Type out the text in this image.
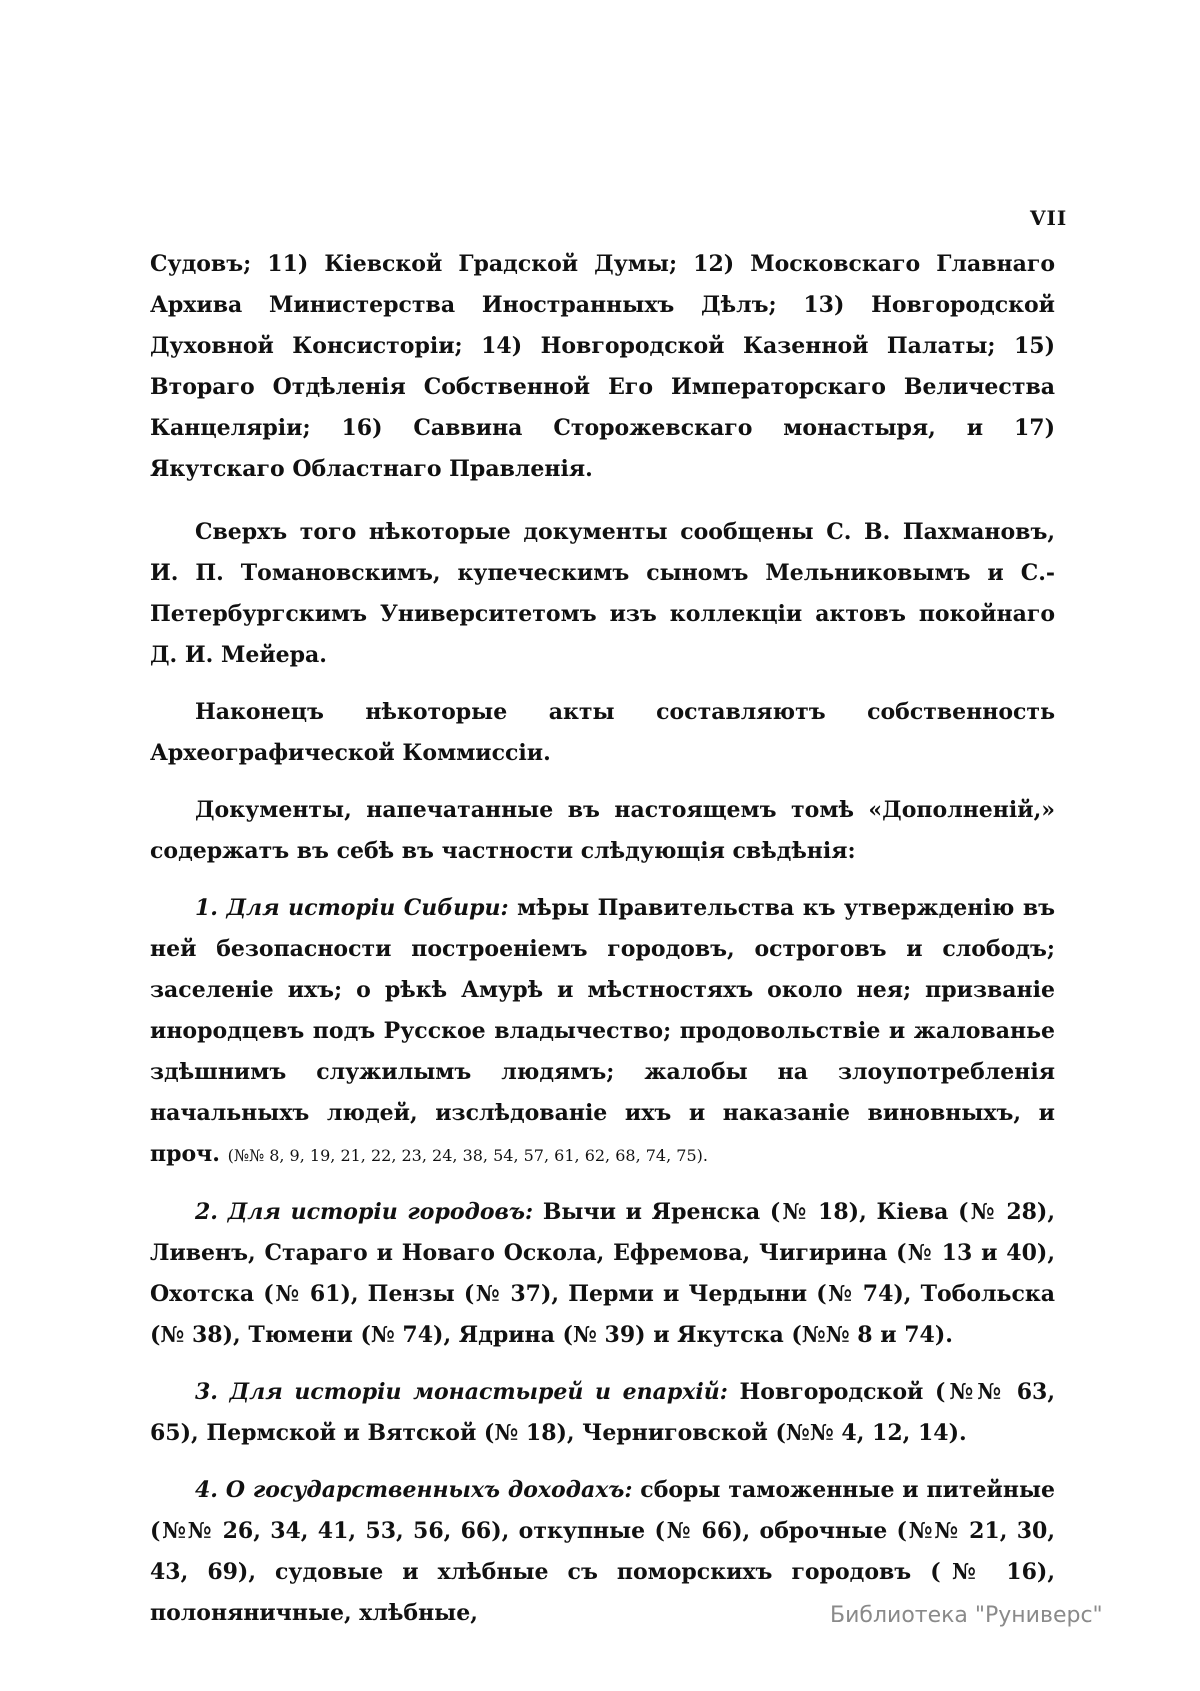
VII

Судовъ; 11) Кіевской Градской Думы; 12) Московскаго Главнаго Архива Министерства Иностранныхъ Дѣлъ; 13) Новгородской Духовной Консисторіи; 14) Новгородской Казенной Палаты; 15) Втораго Отдѣленія Собственной Его Императорскаго Величества Канцеляріи; 16) Саввина Сторожевскаго монастыря, и 17) Якутскаго Областнаго Правленія.

Сверхъ того нѣкоторые документы сообщены С. В. Пахмановъ, И. П. Томановскимъ, купеческимъ сыномъ Мельниковымъ и С.-Петербургскимъ Университетомъ изъ коллекціи актовъ покойнаго Д. И. Мейера.

Наконецъ нѣкоторые акты составляютъ собственность Археографической Коммиссіи.

Документы, напечатанные въ настоящемъ томѣ «Дополненій,» содержатъ въ себѣ въ частности слѣдующія свѣдѣнія:

1. Для исторіи Сибири: мѣры Правительства къ утвержденію въ ней безопасности построеніемъ городовъ, остроговъ и слободъ; заселеніе ихъ; о рѣкѣ Амурѣ и мѣстностяхъ около нея; призваніе инородцевъ подъ Русское владычество; продовольствіе и жалованье здѣшнимъ служилымъ людямъ; жалобы на злоупотребленія начальныхъ людей, изслѣдованіе ихъ и наказаніе виновныхъ, и проч. (№№ 8, 9, 19, 21, 22, 23, 24, 38, 54, 57, 61, 62, 68, 74, 75).

2. Для исторіи городовъ: Вычи и Яренска (№ 18), Кіева (№ 28), Ливенъ, Стараго и Новаго Оскола, Ефремова, Чигирина (№ 13 и 40), Охотска (№ 61), Пензы (№ 37), Перми и Чердыни (№ 74), Тобольска (№ 38), Тюмени (№ 74), Ядрина (№ 39) и Якутска (№№ 8 и 74).

3. Для исторіи монастырей и епархій: Новгородской (№№ 63, 65), Пермской и Вятской (№ 18), Черниговской (№№ 4, 12, 14).

4. О государственныхъ доходахъ: сборы таможенные и питейные (№№ 26, 34, 41, 53, 56, 66), откупные (№ 66), оброчные (№№ 21, 30, 43, 69), судовые и хлѣбные съ поморскихъ городовъ (№ 16), полоняничные, хлѣбные,	Библиотека "Руниверс"
